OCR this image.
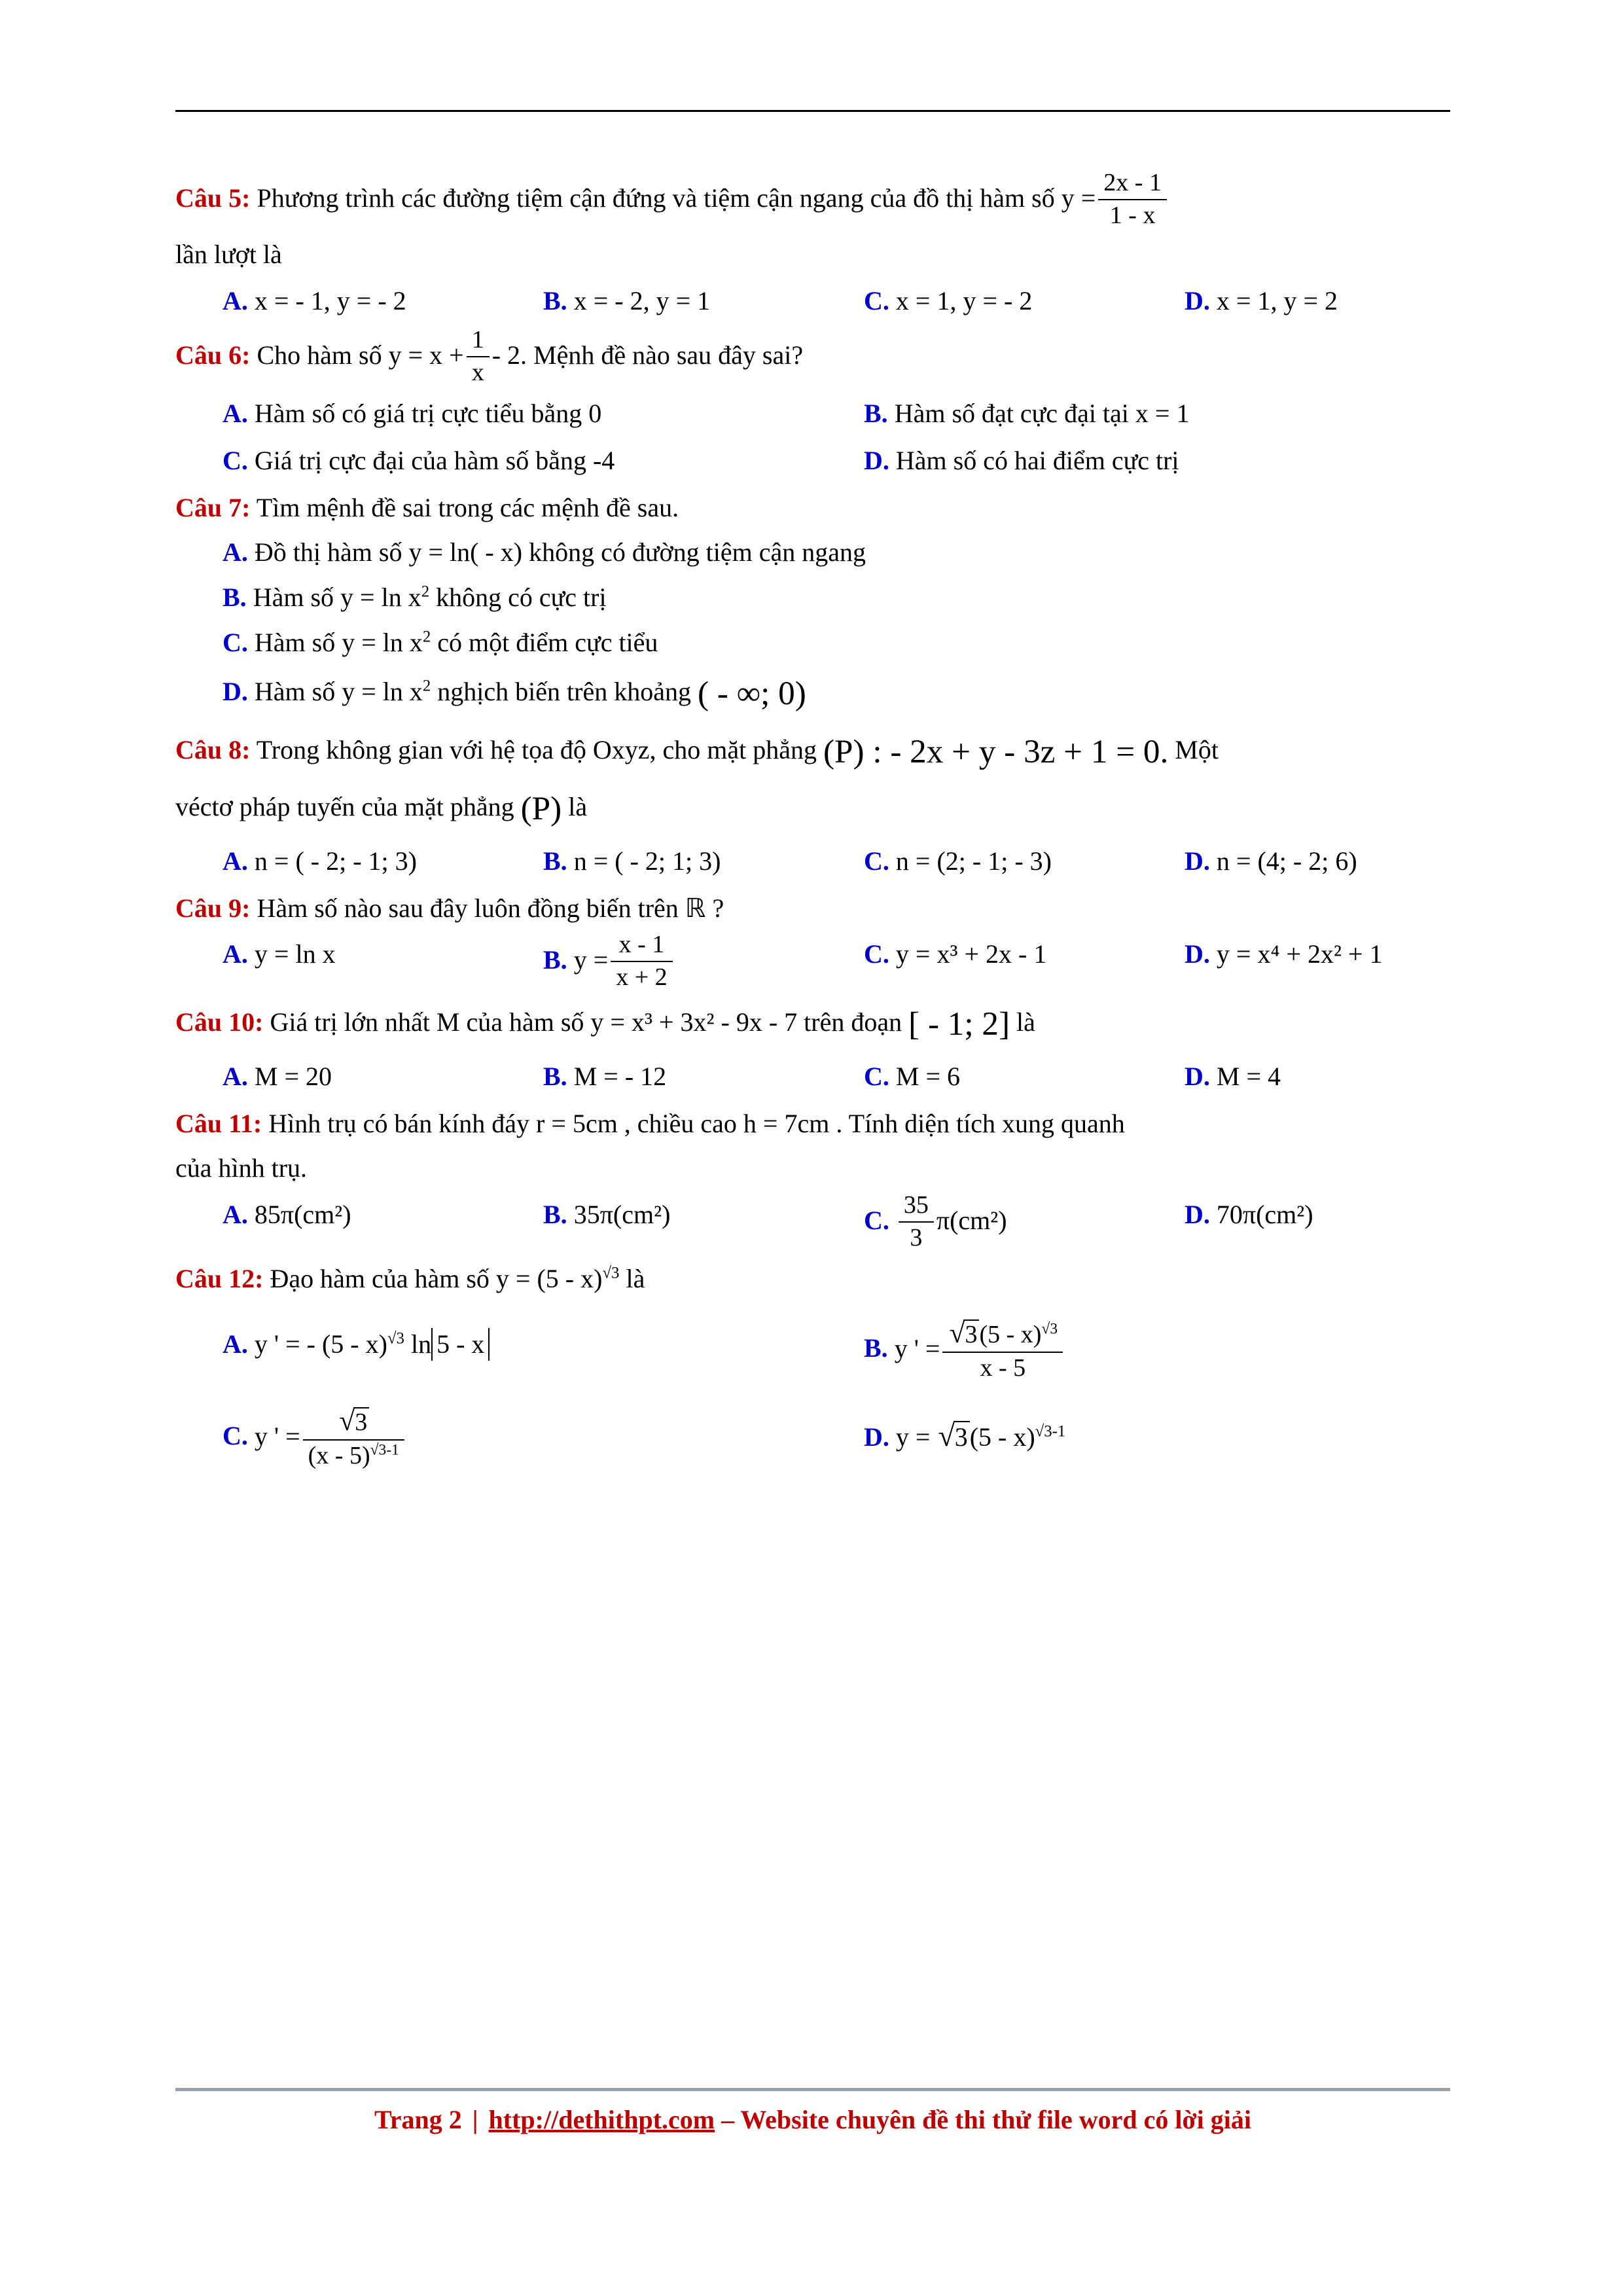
Câu 5: Phương trình các đường tiệm cận đứng và tiệm cận ngang của đồ thị hàm số $y = \frac{2x - 1}{1 - x}$
lần lượt là
A. x = - 1, y = - 2	B. x = - 2, y = 1	C. x = 1, y = - 2	D. x = 1, y = 2
Câu 6: Cho hàm số $y = x + \frac{1}{x} - 2$. Mệnh đề nào sau đây sai?
A. Hàm số có giá trị cực tiểu bằng 0	B. Hàm số đạt cực đại tại x = 1
C. Giá trị cực đại của hàm số bằng -4	D. Hàm số có hai điểm cực trị
Câu 7: Tìm mệnh đề sai trong các mệnh đề sau.
A. Đồ thị hàm số y = ln( - x) không có đường tiệm cận ngang
B. Hàm số $y = \ln x^2$ không có cực trị
C. Hàm số $y = \ln x^2$ có một điểm cực tiểu
D. Hàm số $y = \ln x^2$ nghịch biến trên khoảng ( - ∞; 0)
Câu 8: Trong không gian với hệ tọa độ Oxyz, cho mặt phẳng (P) : - 2x + y - 3z + 1 = 0. Một
véctơ pháp tuyến của mặt phẳng (P) là
A. n = ( - 2; - 1; 3)	B. n = ( - 2; 1; 3)	C. n = (2; - 1; - 3)	D. n = (4; - 2; 6)
Câu 9: Hàm số nào sau đây luôn đồng biến trên ℝ ?
A. y = ln x	B. $y = \frac{x - 1}{x + 2}$	C. y = x³ + 2x - 1	D. y = x⁴ + 2x² + 1
Câu 10: Giá trị lớn nhất M của hàm số y = x³ + 3x² - 9x - 7 trên đoạn [ - 1; 2] là
A. M = 20	B. M = - 12	C. M = 6	D. M = 4
Câu 11: Hình trụ có bán kính đáy r = 5cm , chiều cao h = 7cm . Tính diện tích xung quanh
của hình trụ.
A. 85π(cm²)	B. 35π(cm²)	C. $\frac{35}{3} \pi(cm^2)$	D. 70π(cm²)
Câu 12: Đạo hàm của hàm số y = (5 - x)$^{√3}$ là
A. y ' = - (5 - x)$^{√3}$ ln 5 - x	B. y ' = $\frac{√3(5 - x)^{√3}}{x - 5}$
C. y ' = $\frac{√3}{(x - 5)^{√3-1}}$	D. y = √3(5 - x)$^{√3-1}$
Trang 2 | http://dethithpt.com – Website chuyên đề thi thử file word có lời giải
